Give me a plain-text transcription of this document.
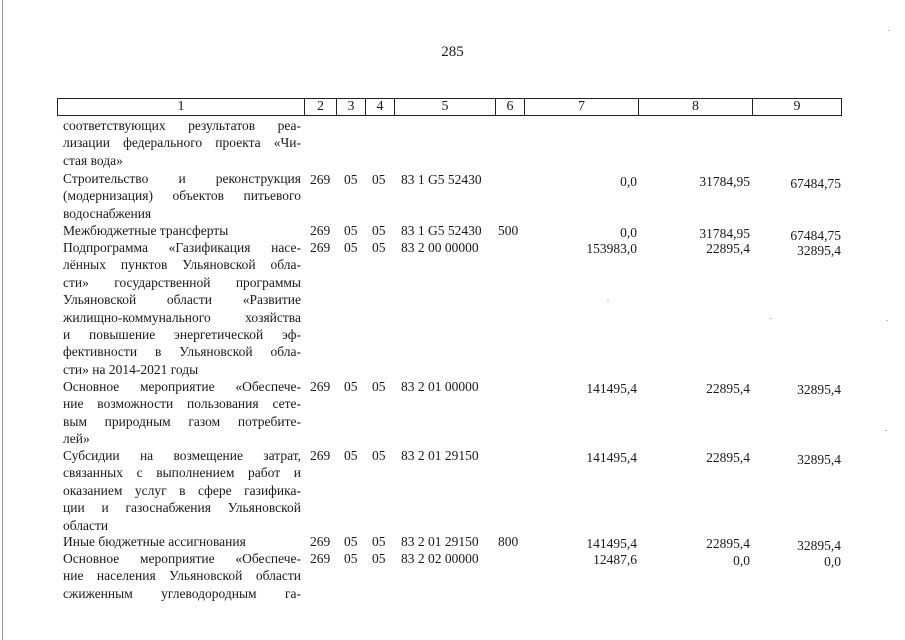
285
1	2	3	4	5	6	7	8	9
соответствующих результатов реа-
лизации федерального проекта «Чи-
стая вода»
Строительство и реконструкция
(модернизация) объектов питьевого
водоснабжения
269 05 05 83 1 G5 52430	0,0	31784,95	67484,75
Межбюджетные трансферты	269 05 05 83 1 G5 52430 500	0,0	31784,95	67484,75
Подпрограмма «Газификация насе-
лённых пунктов Ульяновской обла-
сти» государственной программы
Ульяновской области «Развитие
жилищно-коммунального хозяйства
и повышение энергетической эф-
фективности в Ульяновской обла-
сти» на 2014-2021 годы
269 05 05 83 2 00 00000	153983,0	22895,4	32895,4
Основное мероприятие «Обеспече-
ние возможности пользования сете-
вым природным газом потребите-
лей»
269 05 05 83 2 01 00000	141495,4	22895,4	32895,4
Субсидии на возмещение затрат,
связанных с выполнением работ и
оказанием услуг в сфере газифика-
ции и газоснабжения Ульяновской
области
269 05 05 83 2 01 29150	141495,4	22895,4	32895,4
Иные бюджетные ассигнования	269 05 05 83 2 01 29150 800	141495,4	22895,4	32895,4
Основное мероприятие «Обеспече-
ние населения Ульяновской области
сжиженным углеводородным га-
269 05 05 83 2 02 00000	12487,6	0,0	0,0
